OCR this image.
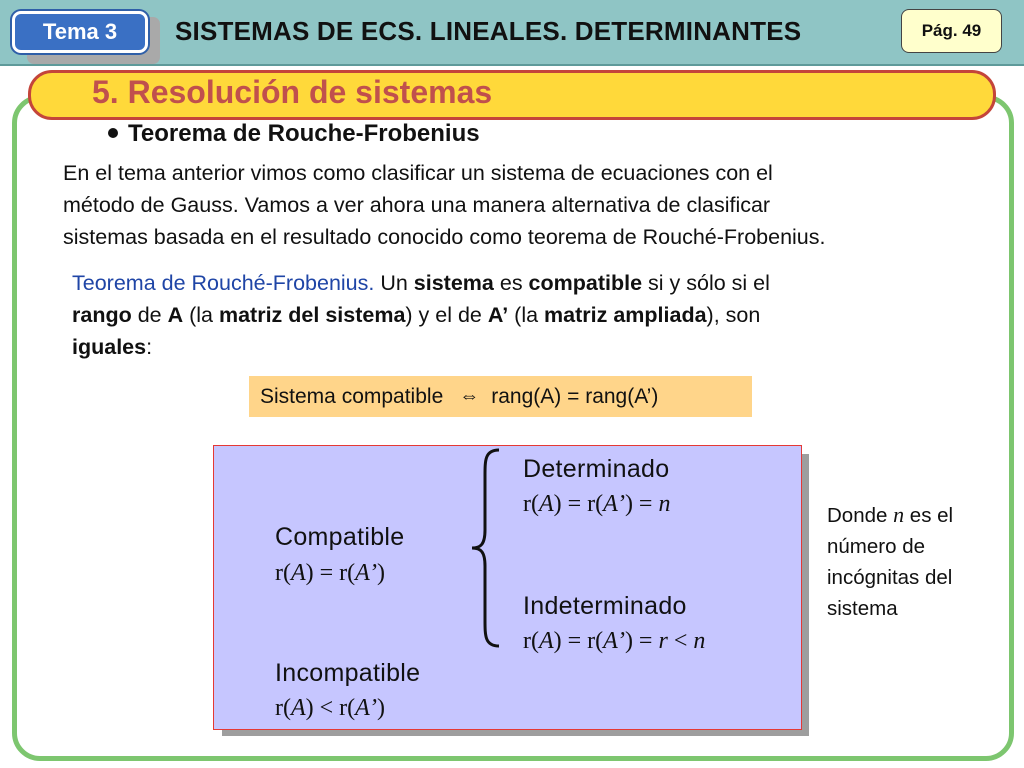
Tema 3	SISTEMAS DE ECS. LINEALES. DETERMINANTES	Pág. 49
5. Resolución de sistemas
Teorema de Rouche-Frobenius
En el tema anterior vimos como clasificar un sistema de ecuaciones con el
método de Gauss. Vamos a ver ahora una manera alternativa de clasificar
sistemas basada en el resultado conocido como teorema de Rouché-Frobenius.
Teorema de Rouché-Frobenius. Un sistema es compatible si y sólo si el
rango de A (la matriz del sistema) y el de A’ (la matriz ampliada), son
iguales:
Sistema compatible ⇔ rang(A) = rang(A’)
Compatible
r(A) = r(A’)
Determinado
r(A) = r(A’) = n
Indeterminado
r(A) = r(A’) = r < n
Incompatible
r(A) < r(A’)
Donde n es el número de incógnitas del sistema
